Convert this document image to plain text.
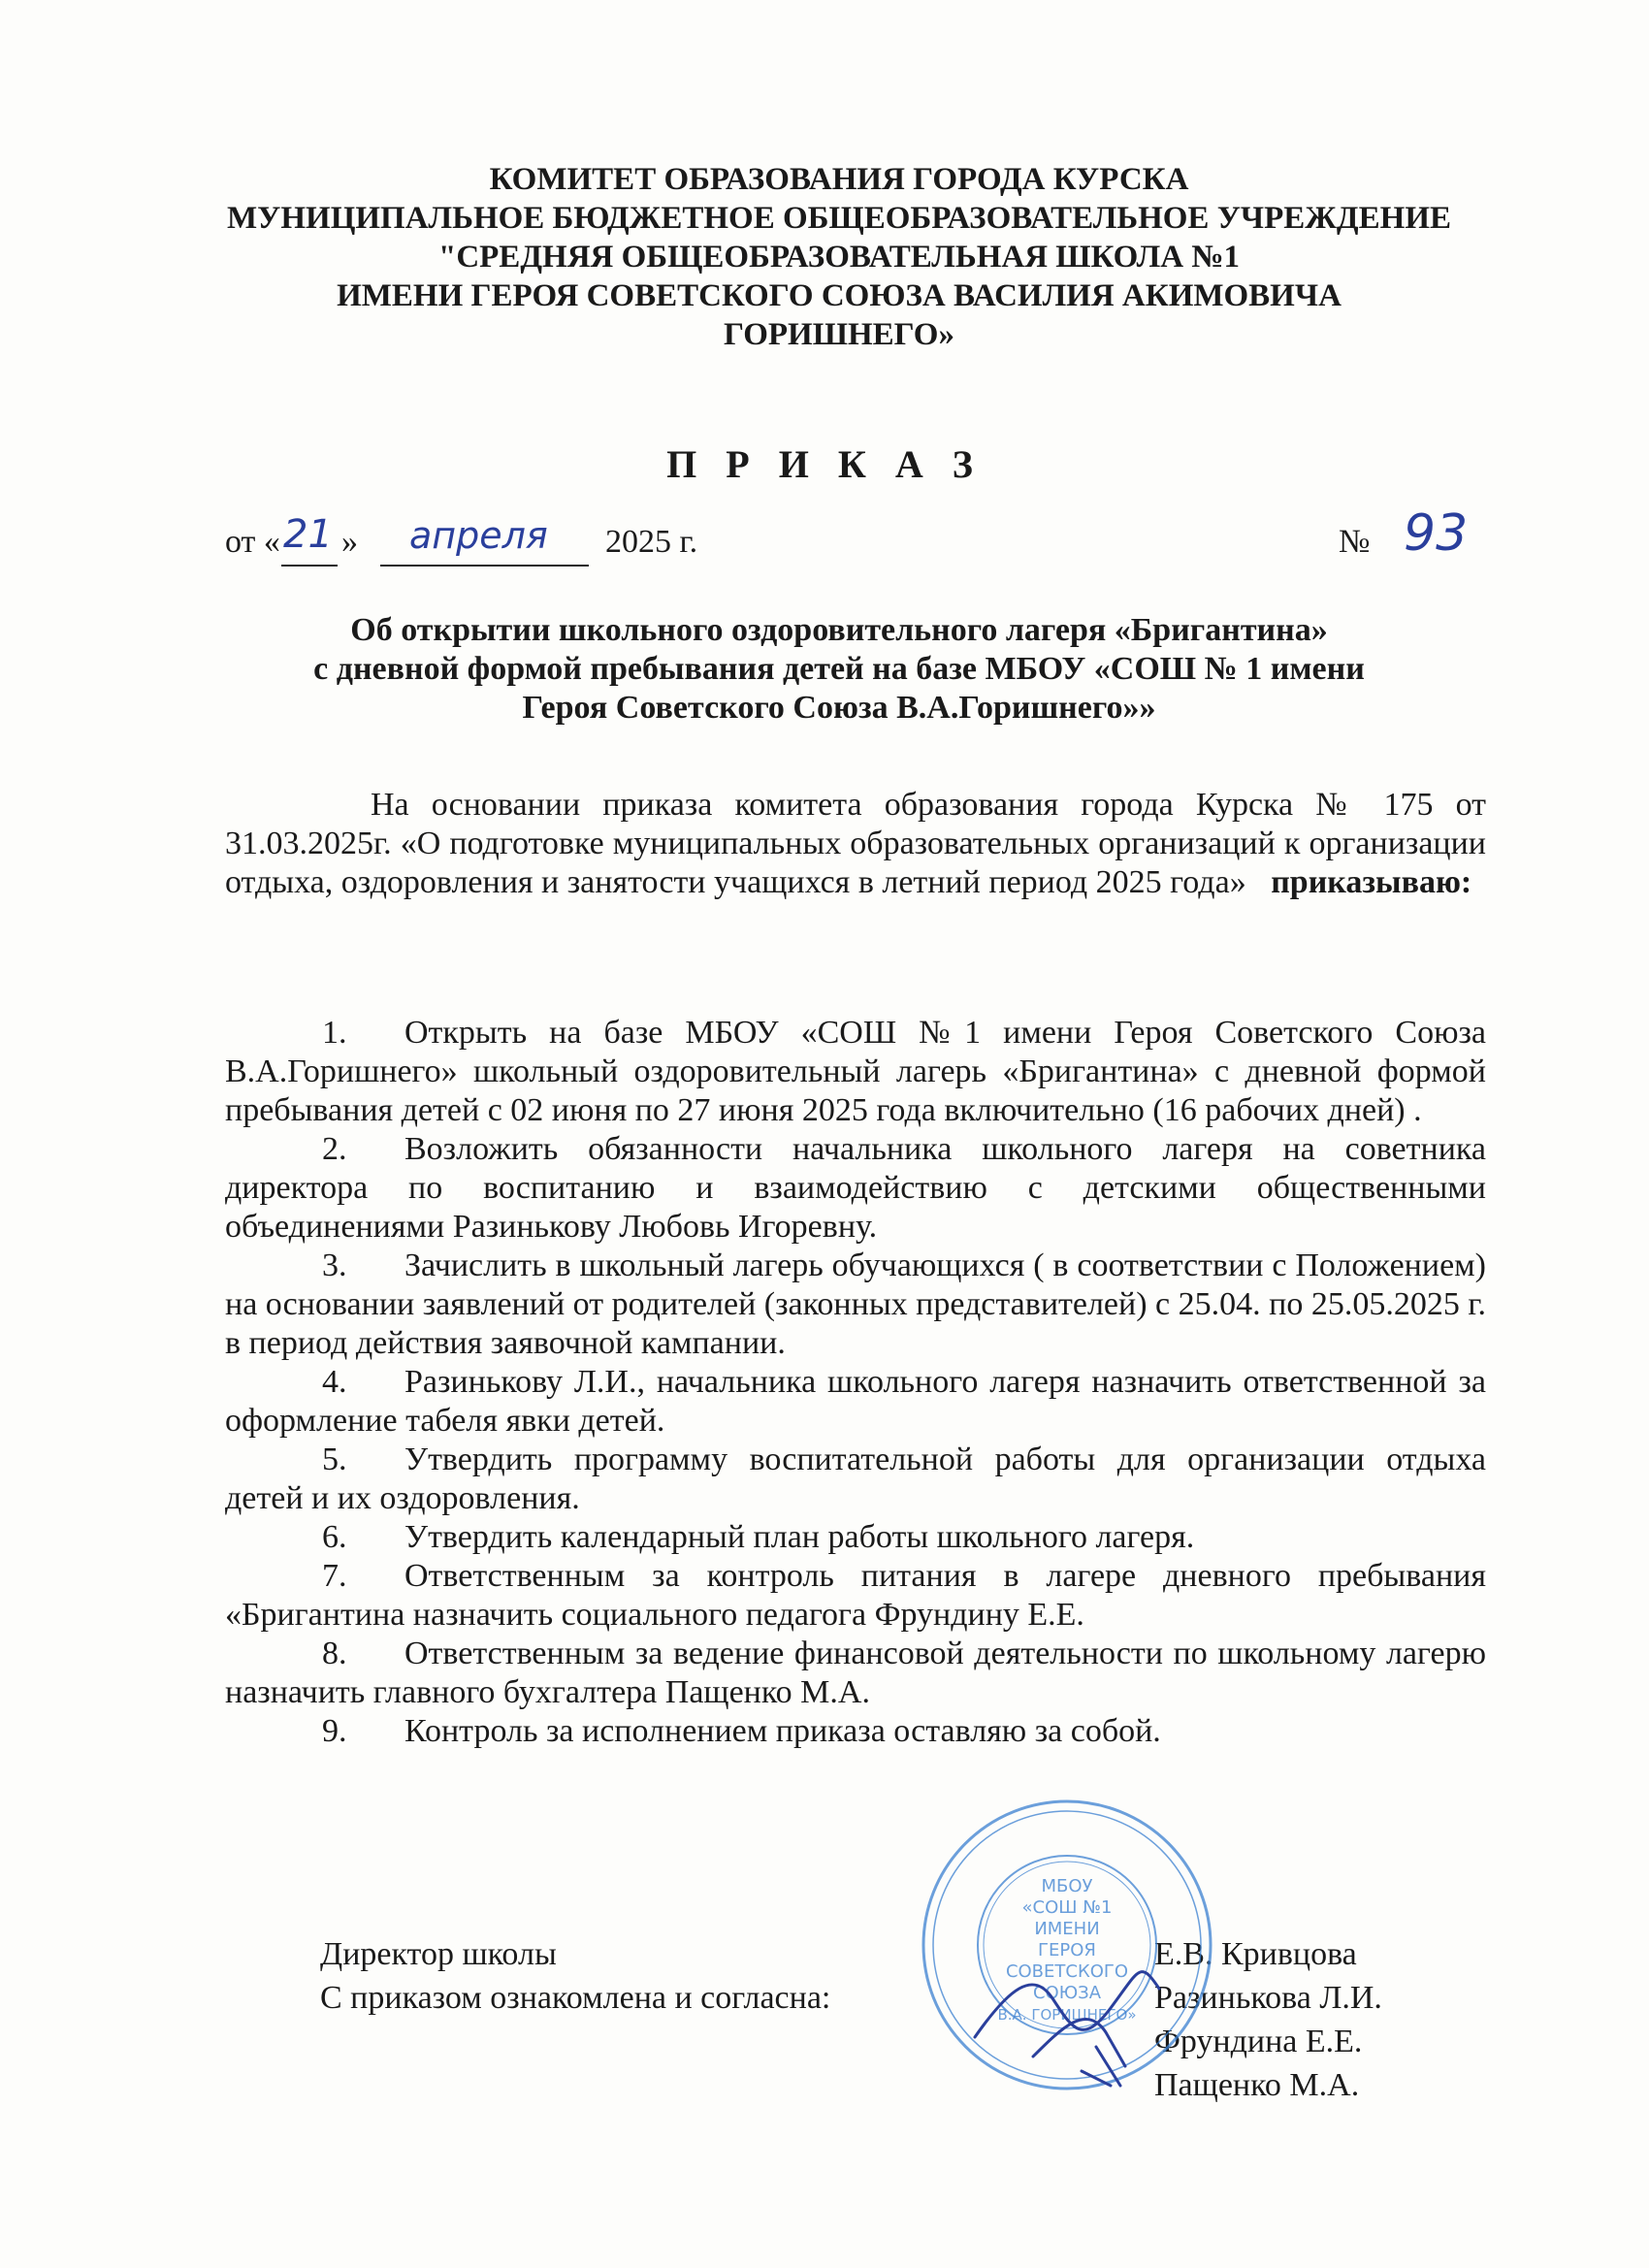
КОМИТЕТ ОБРАЗОВАНИЯ ГОРОДА КУРСКА
МУНИЦИПАЛЬНОЕ БЮДЖЕТНОЕ ОБЩЕОБРАЗОВАТЕЛЬНОЕ УЧРЕЖДЕНИЕ
"СРЕДНЯЯ ОБЩЕОБРАЗОВАТЕЛЬНАЯ ШКОЛА №1
ИМЕНИ ГЕРОЯ СОВЕТСКОГО СОЮЗА ВАСИЛИЯ АКИМОВИЧА
ГОРИШНЕГО»
П Р И К А З
от « 21 » апреля 2025 г.	№ 93
Об открытии школьного оздоровительного лагеря «Бригантина»
с дневной формой пребывания детей на базе МБОУ «СОШ № 1 имени
Героя Советского Союза В.А.Горишнего»»

На основании приказа комитета образования города Курска № 175 от 31.03.2025г. «О подготовке муниципальных образовательных организаций к организации отдыха, оздоровления и занятости учащихся в летний период 2025 года» приказываю:

1. Открыть на базе МБОУ «СОШ №1 имени Героя Советского Союза В.А.Горишнего» школьный оздоровительный лагерь «Бригантина» с дневной формой пребывания детей с 02 июня по 27 июня 2025 года включительно (16 рабочих дней) .

2. Возложить обязанности начальника школьного лагеря на советника директора по воспитанию и взаимодействию с детскими общественными объединениями Разинькову Любовь Игоревну.

3. Зачислить в школьный лагерь обучающихся ( в соответствии с Положением) на основании заявлений от родителей (законных представителей) с 25.04. по 25.05.2025 г. в период действия заявочной кампании.

4. Разинькову Л.И., начальника школьного лагеря назначить ответственной за оформление табеля явки детей.

5. Утвердить программу воспитательной работы для организации отдыха детей и их оздоровления.

6. Утвердить календарный план работы школьного лагеря.

7. Ответственным за контроль питания в лагере дневного пребывания «Бригантина назначить социального педагога Фрундину Е.Е.

8. Ответственным за ведение финансовой деятельности по школьному лагерю назначить главного бухгалтера Пащенко М.А.

9. Контроль за исполнением приказа оставляю за собой.

Директор школы	Е.В. Кривцова
С приказом ознакомлена и согласна:	Разинькова Л.И.
Фрундина Е.Е.
Пащенко М.А.
МБОУ
«СОШ №1
ИМЕНИ
ГЕРОЯ
СОВЕТСКОГО
СОЮЗА
В.А. ГОРИШНЕГО»
